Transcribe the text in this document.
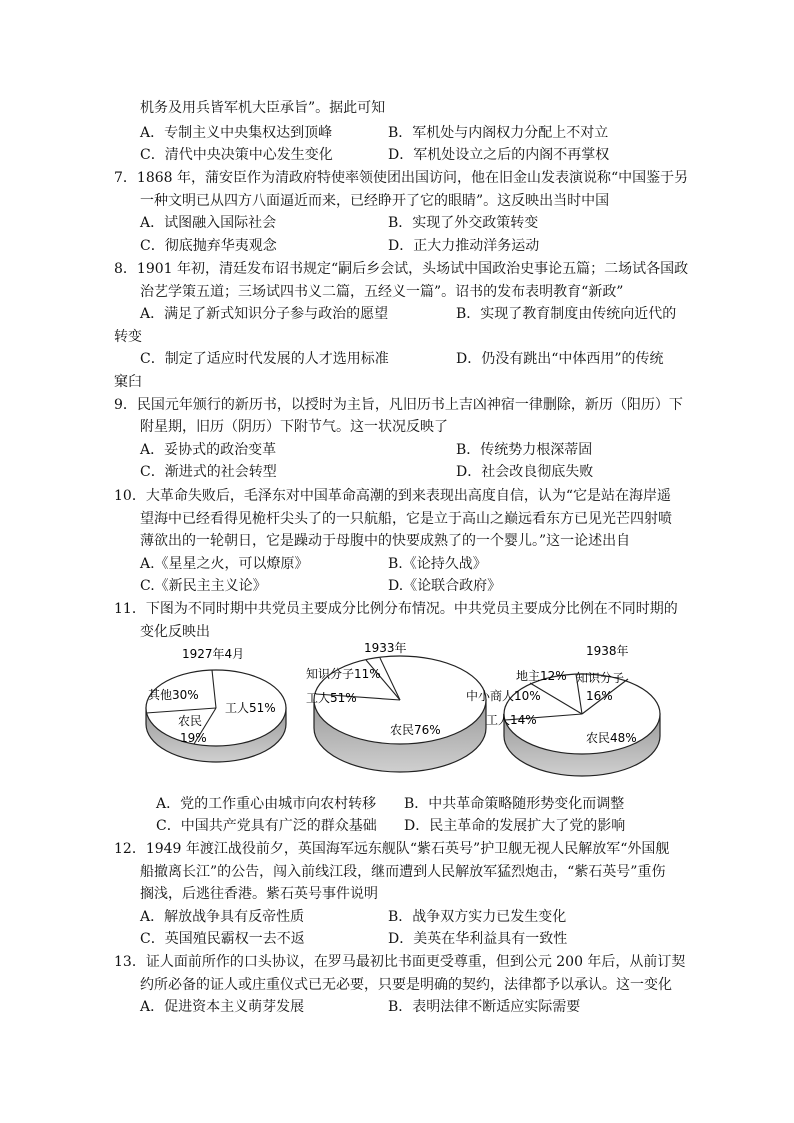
机务及用兵皆军机大臣承旨”。据此可知
A．专制主义中央集权达到顶峰	B．军机处与内阁权力分配上不对立
C．清代中央决策中心发生变化	D．军机处设立之后的内阁不再掌权
7．1868 年，蒲安臣作为清政府特使率领使团出国访问，他在旧金山发表演说称“中国鉴于另
一种文明已从四方八面逼近而来，已经睁开了它的眼睛”。这反映出当时中国
A．试图融入国际社会	B．实现了外交政策转变
C．彻底抛弃华夷观念	D．正大力推动洋务运动
8．1901 年初，清廷发布诏书规定“嗣后乡会试，头场试中国政治史事论五篇；二场试各国政
治艺学策五道；三场试四书义二篇，五经义一篇”。诏书的发布表明教育“新政”
A．满足了新式知识分子参与政治的愿望	B．实现了教育制度由传统向近代的
转变
C．制定了适应时代发展的人才选用标准	D．仍没有跳出“中体西用”的传统
窠臼
9．民国元年颁行的新历书，以授时为主旨，凡旧历书上吉凶神宿一律删除，新历（阳历）下
附星期，旧历（阴历）下附节气。这一状况反映了
A．妥协式的政治变革	B．传统势力根深蒂固
C．渐进式的社会转型	D．社会改良彻底失败
10．大革命失败后，毛泽东对中国革命高潮的到来表现出高度自信，认为“它是站在海岸遥
望海中已经看得见桅杆尖头了的一只航船，它是立于高山之巅远看东方已见光芒四射喷
薄欲出的一轮朝日，它是躁动于母腹中的快要成熟了的一个婴儿。”这一论述出自
A.《星星之火，可以燎原》	B.《论持久战》
C.《新民主主义论》	D.《论联合政府》
11．下图为不同时期中共党员主要成分比例分布情况。中共党员主要成分比例在不同时期的
变化反映出
1927年4月
工人51%
农民
19%
其他30%
1933年
农民76%
工人51%
知识分子11%
1938年
农民48%
工人14%
中小商人10%
地主12% 知识分子
16%
A．党的工作重心由城市向农村转移 B．中共革命策略随形势变化而调整
C．中国共产党具有广泛的群众基础 D．民主革命的发展扩大了党的影响
12．1949 年渡江战役前夕，英国海军远东舰队“紫石英号”护卫舰无视人民解放军“外国舰
船撤离长江”的公告，闯入前线江段，继而遭到人民解放军猛烈炮击，“紫石英号”重伤
搁浅，后逃往香港。紫石英号事件说明
A．解放战争具有反帝性质	B．战争双方实力已发生变化
C．英国殖民霸权一去不返	D．美英在华利益具有一致性
13．证人面前所作的口头协议，在罗马最初比书面更受尊重，但到公元 200 年后，从前订契
约所必备的证人或庄重仪式已无必要，只要是明确的契约，法律都予以承认。这一变化
A．促进资本主义萌芽发展	B．表明法律不断适应实际需要
